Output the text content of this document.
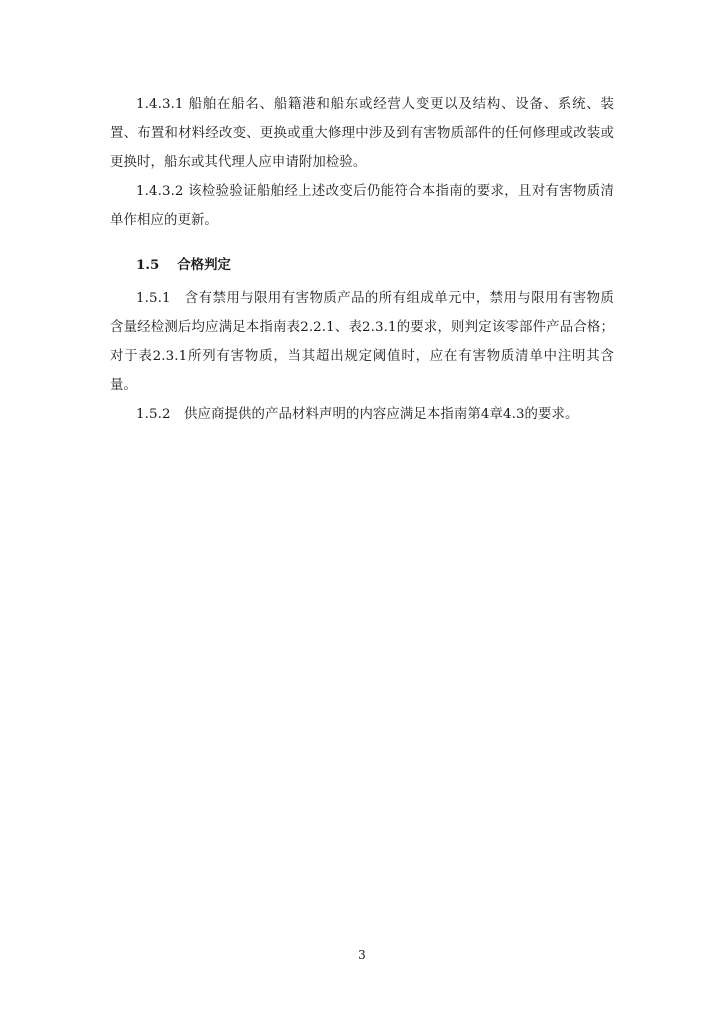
1.4.3.1 船舶在船名、船籍港和船东或经营人变更以及结构、设备、系统、装置、布置和材料经改变、更换或重大修理中涉及到有害物质部件的任何修理或改装或更换时，船东或其代理人应申请附加检验。

1.4.3.2 该检验验证船舶经上述改变后仍能符合本指南的要求，且对有害物质清单作相应的更新。

1.5 合格判定

1.5.1　含有禁用与限用有害物质产品的所有组成单元中，禁用与限用有害物质含量经检测后均应满足本指南表2.2.1、表2.3.1的要求，则判定该零部件产品合格；对于表2.3.1所列有害物质，当其超出规定阈值时，应在有害物质清单中注明其含量。

1.5.2　供应商提供的产品材料声明的内容应满足本指南第4章4.3的要求。

3
